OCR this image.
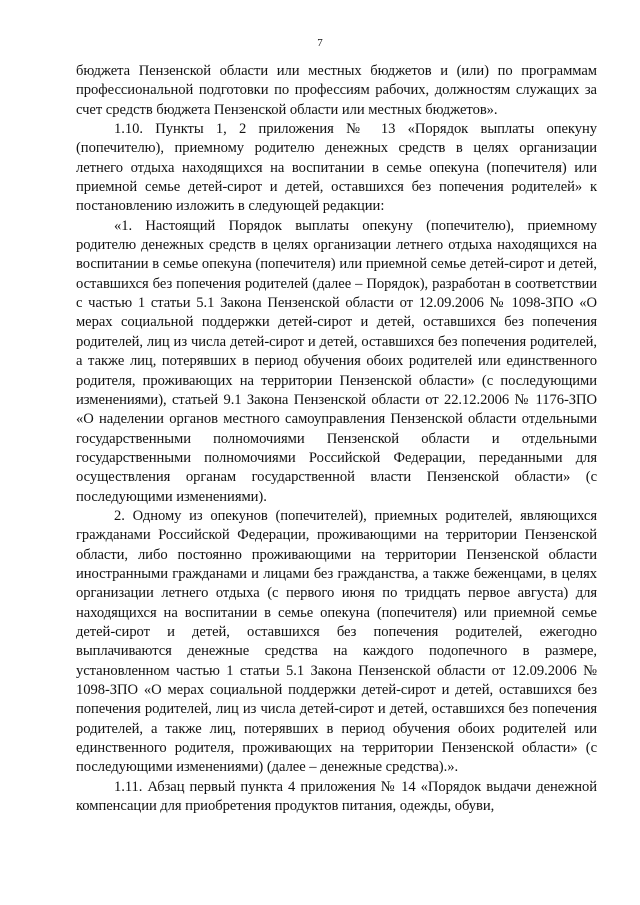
7

бюджета Пензенской области или местных бюджетов и (или) по программам профессиональной подготовки по профессиям рабочих, должностям служащих за счет средств бюджета Пензенской области или местных бюджетов».

1.10. Пункты 1, 2 приложения № 13 «Порядок выплаты опекуну (попечителю), приемному родителю денежных средств в целях организации летнего отдыха находящихся на воспитании в семье опекуна (попечителя) или приемной семье детей-сирот и детей, оставшихся без попечения родителей» к постановлению изложить в следующей редакции:

«1. Настоящий Порядок выплаты опекуну (попечителю), приемному родителю денежных средств в целях организации летнего отдыха находящихся на воспитании в семье опекуна (попечителя) или приемной семье детей-сирот и детей, оставшихся без попечения родителей (далее – Порядок), разработан в соответствии с частью 1 статьи 5.1 Закона Пензенской области от 12.09.2006 № 1098-ЗПО «О мерах социальной поддержки детей-сирот и детей, оставшихся без попечения родителей, лиц из числа детей-сирот и детей, оставшихся без попечения родителей, а также лиц, потерявших в период обучения обоих родителей или единственного родителя, проживающих на территории Пензенской области» (с последующими изменениями), статьей 9.1 Закона Пензенской области от 22.12.2006 № 1176-ЗПО «О наделении органов местного самоуправления Пензенской области отдельными государственными полномочиями Пензенской области и отдельными государственными полномочиями Российской Федерации, переданными для осуществления органам государственной власти Пензенской области» (с последующими изменениями).

2. Одному из опекунов (попечителей), приемных родителей, являющихся гражданами Российской Федерации, проживающими на территории Пензенской области, либо постоянно проживающими на территории Пензенской области иностранными гражданами и лицами без гражданства, а также беженцами, в целях организации летнего отдыха (с первого июня по тридцать первое августа) для находящихся на воспитании в семье опекуна (попечителя) или приемной семье детей-сирот и детей, оставшихся без попечения родителей, ежегодно выплачиваются денежные средства на каждого подопечного в размере, установленном частью 1 статьи 5.1 Закона Пензенской области от 12.09.2006 № 1098-ЗПО «О мерах социальной поддержки детей-сирот и детей, оставшихся без попечения родителей, лиц из числа детей-сирот и детей, оставшихся без попечения родителей, а также лиц, потерявших в период обучения обоих родителей или единственного родителя, проживающих на территории Пензенской области» (с последующими изменениями) (далее – денежные средства).».

1.11. Абзац первый пункта 4 приложения № 14 «Порядок выдачи денежной компенсации для приобретения продуктов питания, одежды, обуви,
